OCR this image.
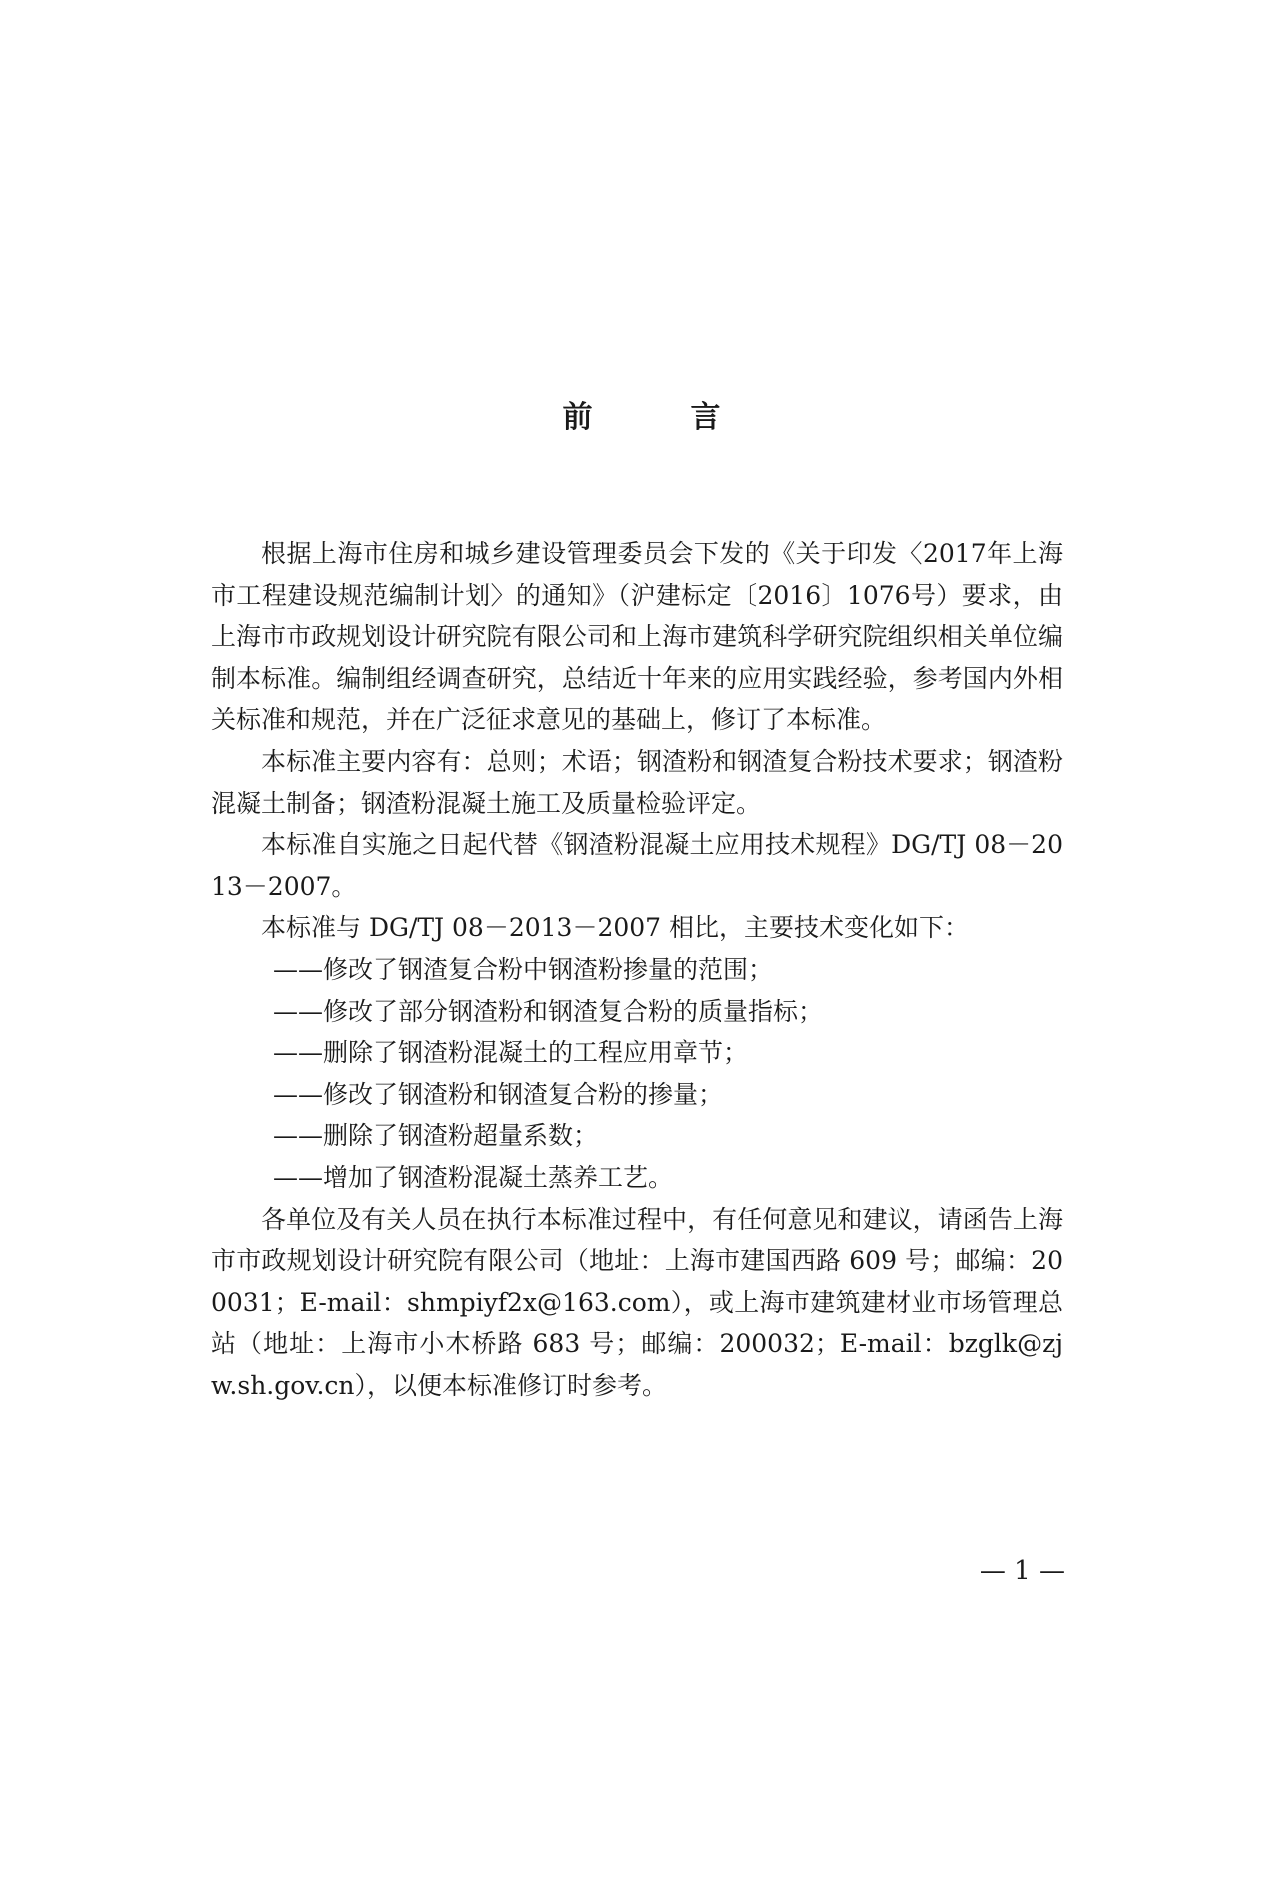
前　言

根据上海市住房和城乡建设管理委员会下发的《关于印发〈2017年上海市工程建设规范编制计划〉的通知》（沪建标定〔2016〕1076号）要求，由上海市市政规划设计研究院有限公司和上海市建筑科学研究院组织相关单位编制本标准。编制组经调查研究，总结近十年来的应用实践经验，参考国内外相关标准和规范，并在广泛征求意见的基础上，修订了本标准。

本标准主要内容有：总则；术语；钢渣粉和钢渣复合粉技术要求；钢渣粉混凝土制备；钢渣粉混凝土施工及质量检验评定。

本标准自实施之日起代替《钢渣粉混凝土应用技术规程》DG/TJ 08－2013－2007。

本标准与 DG/TJ 08－2013－2007 相比，主要技术变化如下：

——修改了钢渣复合粉中钢渣粉掺量的范围；

——修改了部分钢渣粉和钢渣复合粉的质量指标；

——删除了钢渣粉混凝土的工程应用章节；

——修改了钢渣粉和钢渣复合粉的掺量；

——删除了钢渣粉超量系数；

——增加了钢渣粉混凝土蒸养工艺。

各单位及有关人员在执行本标准过程中，有任何意见和建议，请函告上海市市政规划设计研究院有限公司（地址：上海市建国西路 609 号；邮编：200031；E-mail：shmpiyf2x@163.com），或上海市建筑建材业市场管理总站（地址：上海市小木桥路 683 号；邮编：200032；E-mail：bzglk@zjw.sh.gov.cn），以便本标准修订时参考。

— 1 —
